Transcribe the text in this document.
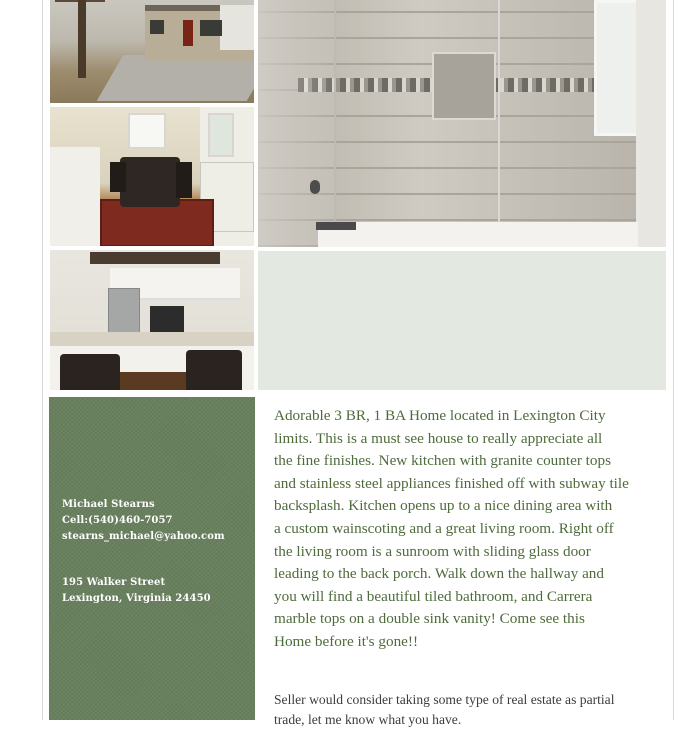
Michael Stearns
Cell:(540)460-7057
stearns_michael@yahoo.com
195 Walker Street
Lexington, Virginia 24450
Adorable 3 BR, 1 BA Home located in Lexington City
limits. This is a must see house to really appreciate all
the fine finishes. New kitchen with granite counter tops
and stainless steel appliances finished off with subway tile
backsplash. Kitchen opens up to a nice dining area with
a custom wainscoting and a great living room. Right off
the living room is a sunroom with sliding glass door
leading to the back porch. Walk down the hallway and
you will find a beautiful tiled bathroom, and Carrera
marble tops on a double sink vanity! Come see this
Home before it's gone!!
Seller would consider taking some type of real estate as partial
trade, let me know what you have.
